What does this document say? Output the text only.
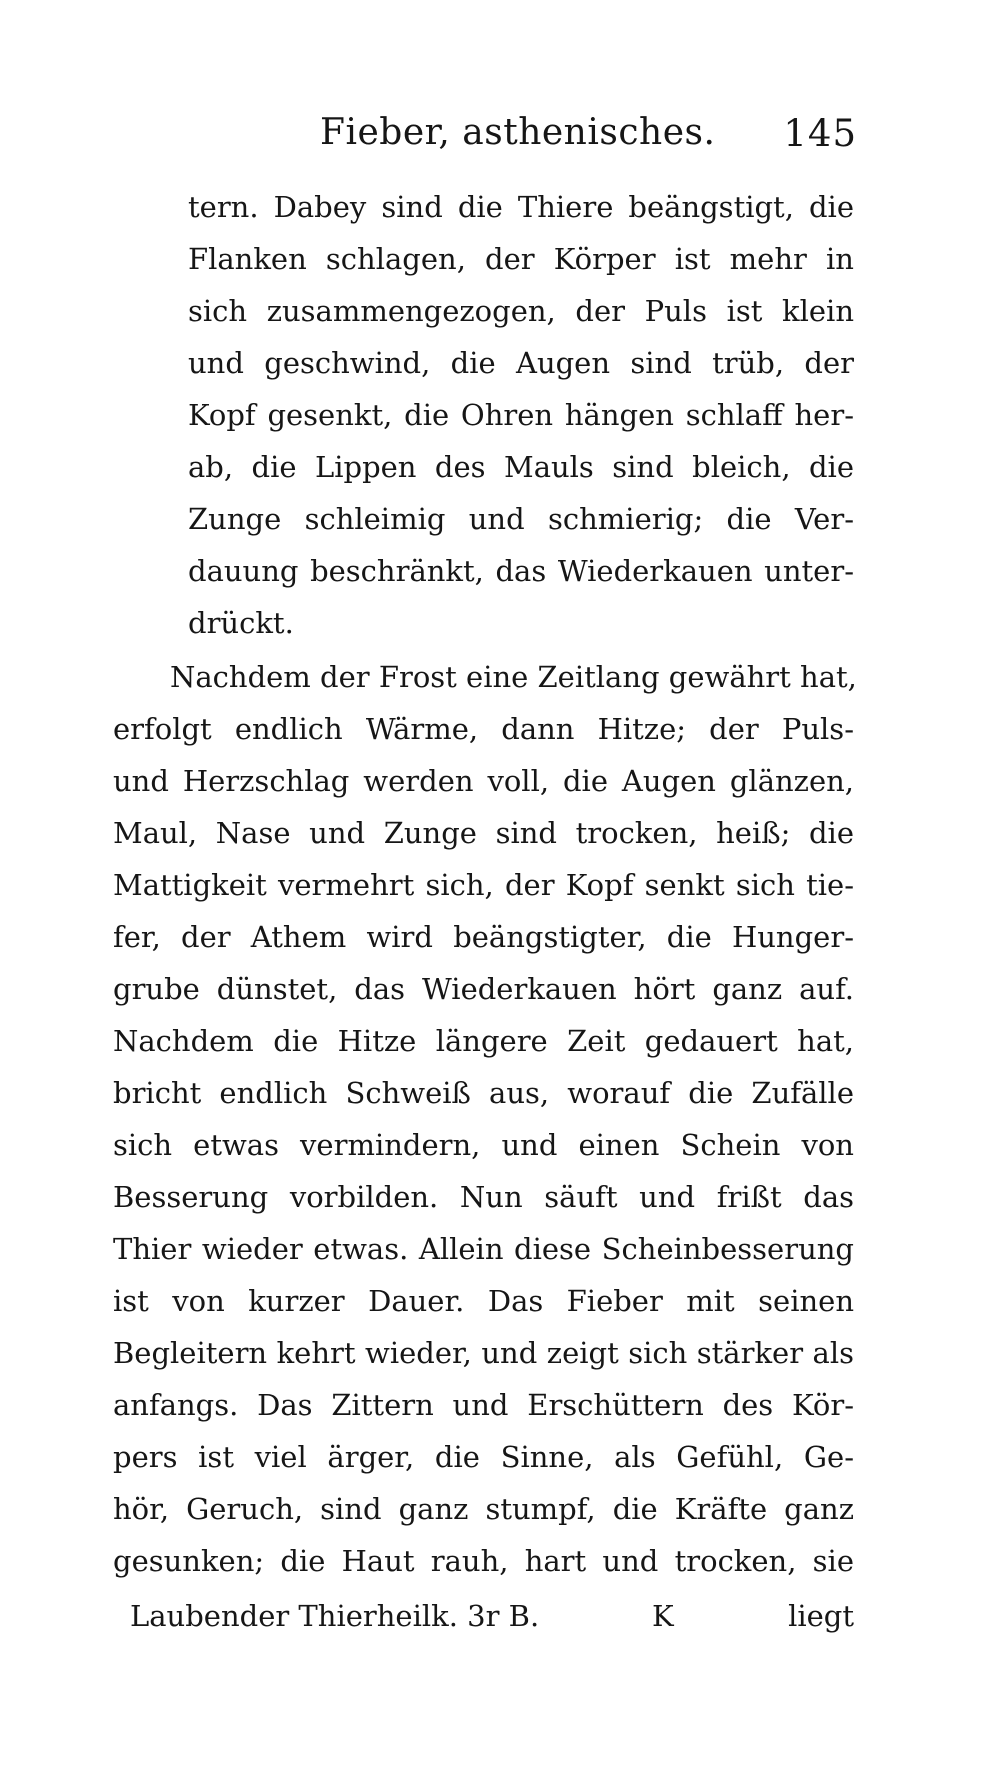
Fieber, asthenisches. 145

tern. Dabey sind die Thiere beängstigt, die
Flanken schlagen, der Körper ist mehr in
sich zusammengezogen, der Puls ist klein
und geschwind, die Augen sind trüb, der
Kopf gesenkt, die Ohren hängen schlaff her-
ab, die Lippen des Mauls sind bleich, die
Zunge schleimig und schmierig; die Ver-
dauung beschränkt, das Wiederkauen unter-
drückt.

Nachdem der Frost eine Zeitlang gewährt hat,
erfolgt endlich Wärme, dann Hitze; der Puls-
und Herzschlag werden voll, die Augen glänzen,
Maul, Nase und Zunge sind trocken, heiß; die
Mattigkeit vermehrt sich, der Kopf senkt sich tie-
fer, der Athem wird beängstigter, die Hunger-
grube dünstet, das Wiederkauen hört ganz auf.
Nachdem die Hitze längere Zeit gedauert hat,
bricht endlich Schweiß aus, worauf die Zufälle
sich etwas vermindern, und einen Schein von
Besserung vorbilden. Nun säuft und frißt das
Thier wieder etwas. Allein diese Scheinbesserung
ist von kurzer Dauer. Das Fieber mit seinen
Begleitern kehrt wieder, und zeigt sich stärker als
anfangs. Das Zittern und Erschüttern des Kör-
pers ist viel ärger, die Sinne, als Gefühl, Ge-
hör, Geruch, sind ganz stumpf, die Kräfte ganz
gesunken; die Haut rauh, hart und trocken, sie

Laubender Thierheilk. 3r B.	K	liegt
